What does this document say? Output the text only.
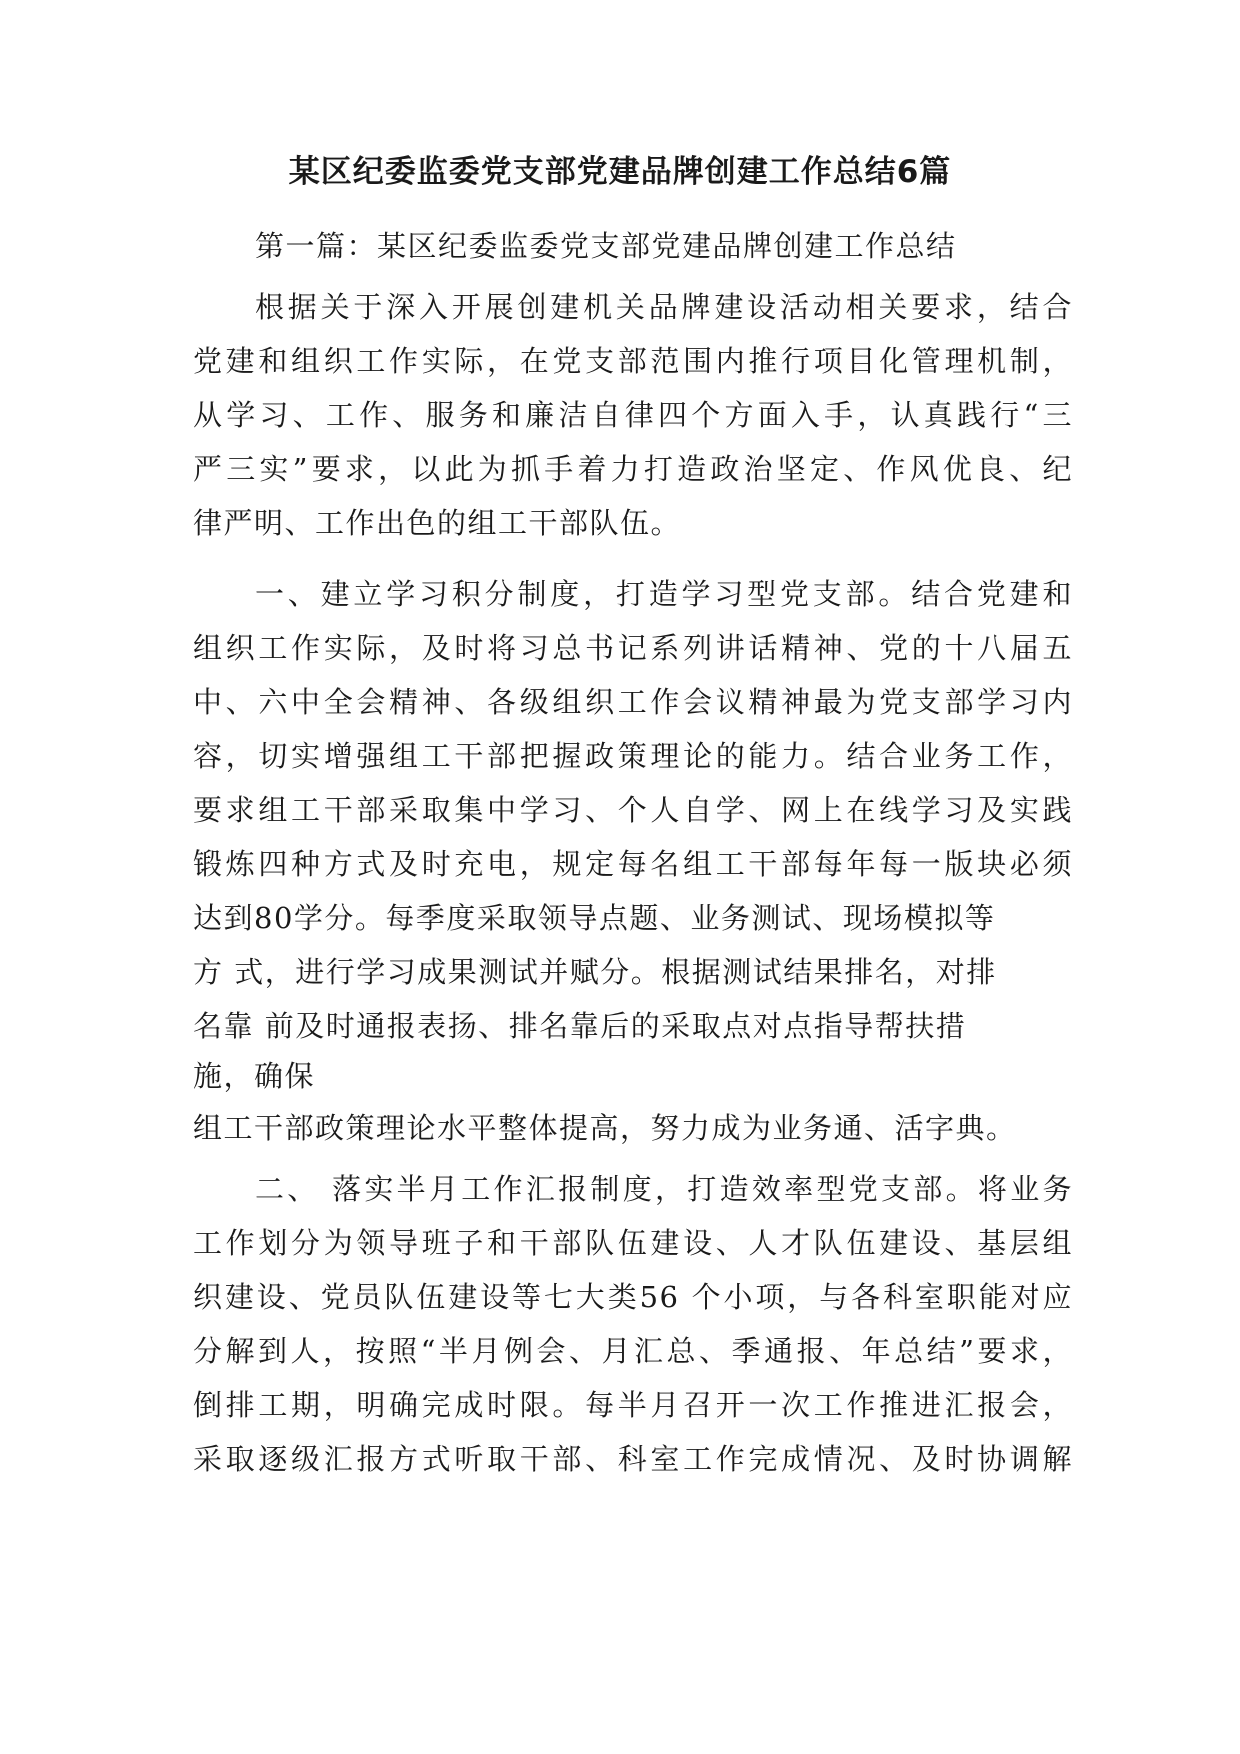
某区纪委监委党支部党建品牌创建工作总结6篇
第一篇：某区纪委监委党支部党建品牌创建工作总结
根据关于深入开展创建机关品牌建设活动相关要求，结合
党建和组织工作实际，在党支部范围内推行项目化管理机制，
从学习、工作、服务和廉洁自律四个方面入手，认真践行“三
严三实”要求，以此为抓手着力打造政治坚定、作风优良、纪
律严明、工作出色的组工干部队伍。
一、建立学习积分制度，打造学习型党支部。结合党建和
组织工作实际，及时将习总书记系列讲话精神、党的十八届五
中、六中全会精神、各级组织工作会议精神最为党支部学习内
容，切实增强组工干部把握政策理论的能力。结合业务工作，
要求组工干部采取集中学习、个人自学、网上在线学习及实践
锻炼四种方式及时充电，规定每名组工干部每年每一版块必须
达到80学分。每季度采取领导点题、业务测试、现场模拟等
方 式，进行学习成果测试并赋分。根据测试结果排名，对排
名靠 前及时通报表扬、排名靠后的采取点对点指导帮扶措
施，确保
组工干部政策理论水平整体提高，努力成为业务通、活字典。
二、 落实半月工作汇报制度，打造效率型党支部。将业务
工作划分为领导班子和干部队伍建设、人才队伍建设、基层组
织建设、党员队伍建设等七大类56 个小项，与各科室职能对应
分解到人，按照“半月例会、月汇总、季通报、年总结”要求，
倒排工期，明确完成时限。每半月召开一次工作推进汇报会，
采取逐级汇报方式听取干部、科室工作完成情况、及时协调解
